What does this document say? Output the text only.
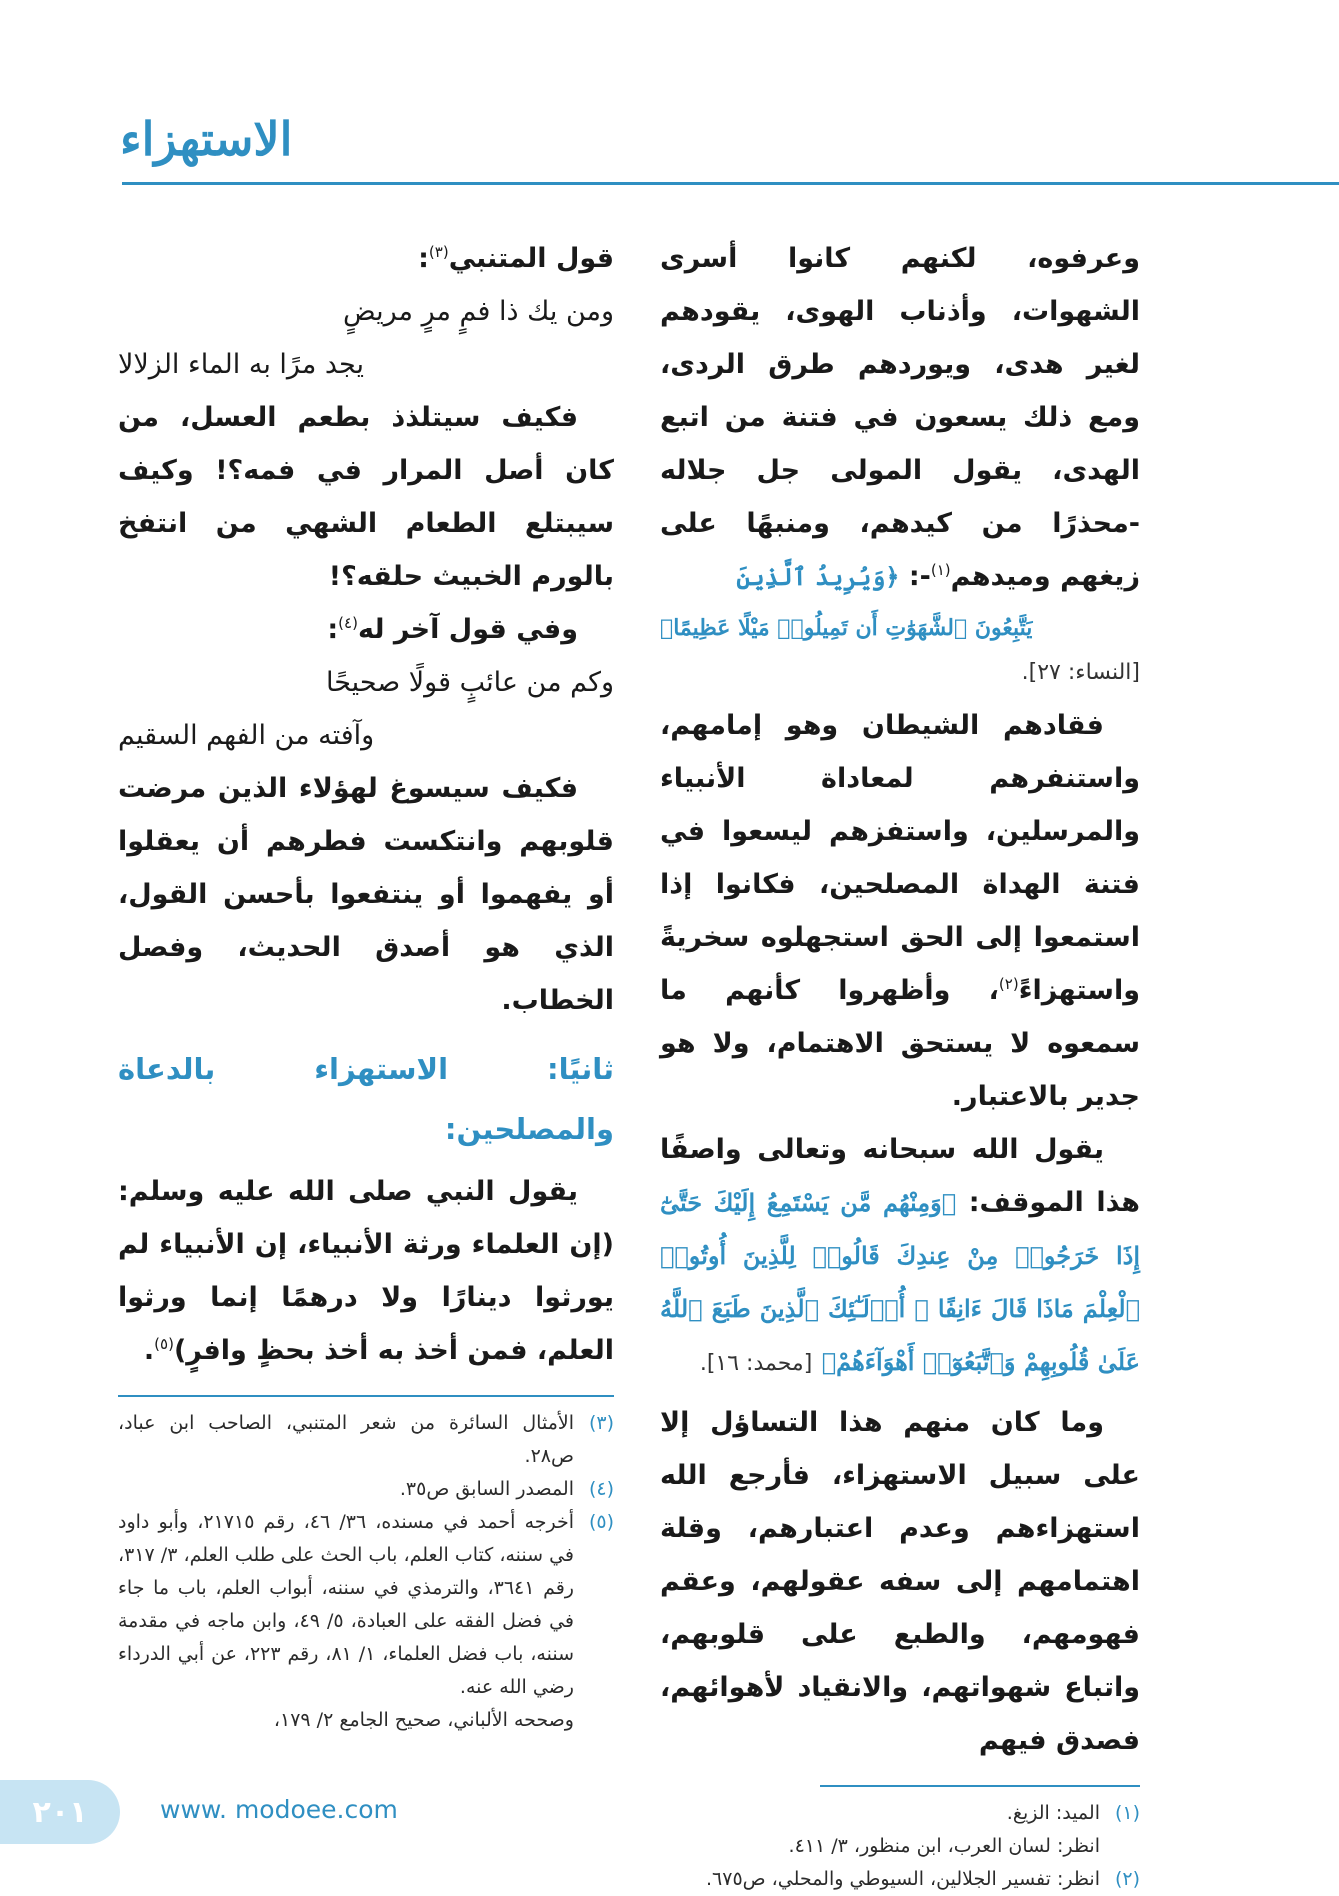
الاستهزاء

وعرفوه، لكنهم كانوا أسرى الشهوات، وأذناب الهوى، يقودهم لغير هدى، ويوردهم طرق الردى، ومع ذلك يسعون في فتنة من اتبع الهدى، يقول المولى جل جلاله -محذرًا من كيدهم، ومنبهًا على زيغهم وميدهم$^{(١)}$-: ﴿وَيُرِيدُ ٱلَّذِينَ

يَتَّبِعُونَ ٱلشَّهَوَٰتِ أَن تَمِيلُوا۟ مَيْلًا عَظِيمًا﴾

[النساء: ٢٧].

فقادهم الشيطان وهو إمامهم، واستنفرهم لمعاداة الأنبياء والمرسلين، واستفزهم ليسعوا في فتنة الهداة المصلحين، فكانوا إذا استمعوا إلى الحق استجهلوه سخريةً واستهزاءً$^{(٢)}$، وأظهروا كأنهم ما سمعوه لا يستحق الاهتمام، ولا هو جدير بالاعتبار.

يقول الله سبحانه وتعالى واصفًا هذا الموقف: ﴿وَمِنْهُم مَّن يَسْتَمِعُ إِلَيْكَ حَتَّىٰٓ إِذَا خَرَجُوا۟ مِنْ عِندِكَ قَالُوا۟ لِلَّذِينَ أُوتُوا۟ ٱلْعِلْمَ مَاذَا قَالَ ءَانِفًا ۚ أُو۟لَـٰٓئِكَ ٱلَّذِينَ طَبَعَ ٱللَّهُ عَلَىٰ قُلُوبِهِمْ وَٱتَّبَعُوٓا۟ أَهْوَآءَهُمْ﴾ [محمد: ١٦].

وما كان منهم هذا التساؤل إلا على سبيل الاستهزاء، فأرجع الله استهزاءهم وعدم اعتبارهم، وقلة اهتمامهم إلى سفه عقولهم، وعقم فهومهم، والطبع على قلوبهم، واتباع شهواتهم، والانقياد لأهوائهم، فصدق فيهم

(١)
الميد: الزيغ.
انظر: لسان العرب، ابن منظور، ٣/ ٤١١.
(٢)
انظر: تفسير الجلالين، السيوطي والمحلي، ص٦٧٥.

قول المتنبي$^{(٣)}$:

ومن يك ذا فمٍ مرٍ مريضٍ

يجد مرًا به الماء الزلالا

فكيف سيتلذذ بطعم العسل، من كان أصل المرار في فمه؟! وكيف سيبتلع الطعام الشهي من انتفخ بالورم الخبيث حلقه؟!

وفي قول آخر له$^{(٤)}$:

وكم من عائبٍ قولًا صحيحًا

وآفته من الفهم السقيم

فكيف سيسوغ لهؤلاء الذين مرضت قلوبهم وانتكست فطرهم أن يعقلوا أو يفهموا أو ينتفعوا بأحسن القول، الذي هو أصدق الحديث، وفصل الخطاب.

ثانيًا: الاستهزاء بالدعاة والمصلحين:

يقول النبي صلى الله عليه وسلم: (إن العلماء ورثة الأنبياء، إن الأنبياء لم يورثوا دينارًا ولا درهمًا إنما ورثوا العلم، فمن أخذ به أخذ بحظٍ وافرٍ)$^{(٥)}$.

(٣)
الأمثال السائرة من شعر المتنبي، الصاحب ابن عباد، ص٢٨.
(٤)
المصدر السابق ص٣٥.
(٥)
أخرجه أحمد في مسنده، ٣٦/ ٤٦، رقم ٢١٧١٥، وأبو داود في سننه، كتاب العلم، باب الحث على طلب العلم، ٣/ ٣١٧، رقم ٣٦٤١، والترمذي في سننه، أبواب العلم، باب ما جاء في فضل الفقه على العبادة، ٥/ ٤٩، وابن ماجه في مقدمة سننه، باب فضل العلماء، ١/ ٨١، رقم ٢٢٣، عن أبي الدرداء رضي الله عنه.
وصححه الألباني، صحيح الجامع ٢/ ١٧٩،
٢٠١	www. modoee.com
